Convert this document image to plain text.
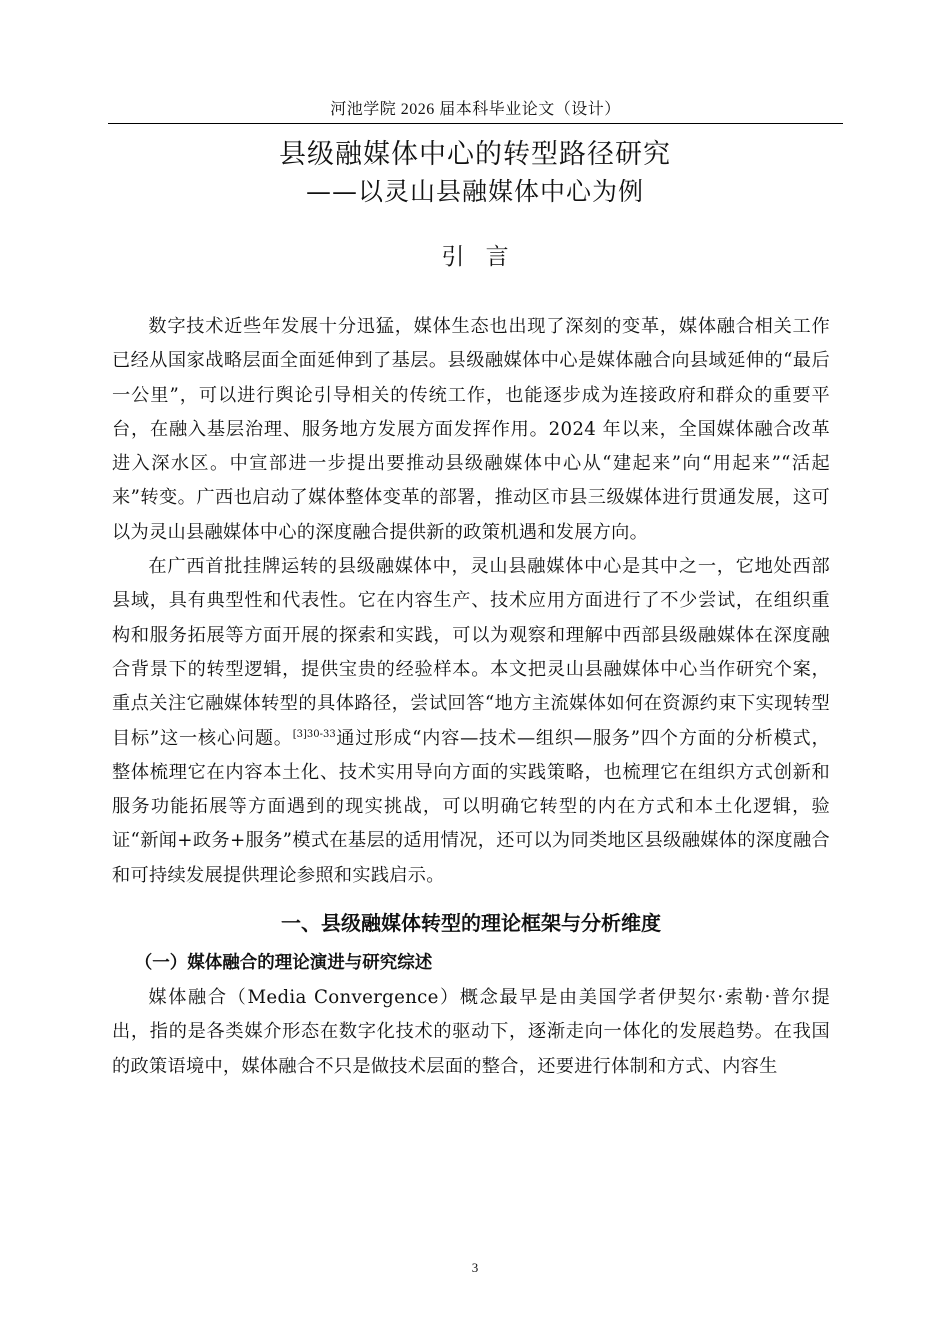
河池学院 2026 届本科毕业论文（设计）
县级融媒体中心的转型路径研究
——以灵山县融媒体中心为例
引 言

数字技术近些年发展十分迅猛，媒体生态也出现了深刻的变革，媒体融合相关工作已经从国家战略层面全面延伸到了基层。县级融媒体中心是媒体融合向县域延伸的“最后一公里”，可以进行舆论引导相关的传统工作，也能逐步成为连接政府和群众的重要平台，在融入基层治理、服务地方发展方面发挥作用。2024 年以来，全国媒体融合改革进入深水区。中宣部进一步提出要推动县级融媒体中心从“建起来”向“用起来”“活起来”转变。广西也启动了媒体整体变革的部署，推动区市县三级媒体进行贯通发展，这可以为灵山县融媒体中心的深度融合提供新的政策机遇和发展方向。

在广西首批挂牌运转的县级融媒体中，灵山县融媒体中心是其中之一，它地处西部县域，具有典型性和代表性。它在内容生产、技术应用方面进行了不少尝试，在组织重构和服务拓展等方面开展的探索和实践，可以为观察和理解中西部县级融媒体在深度融合背景下的转型逻辑，提供宝贵的经验样本。本文把灵山县融媒体中心当作研究个案，重点关注它融媒体转型的具体路径，尝试回答“地方主流媒体如何在资源约束下实现转型目标”这一核心问题。$^{[3]30-33}$通过形成“内容—技术—组织—服务”四个方面的分析模式，整体梳理它在内容本土化、技术实用导向方面的实践策略，也梳理它在组织方式创新和服务功能拓展等方面遇到的现实挑战，可以明确它转型的内在方式和本土化逻辑，验证“新闻+政务+服务”模式在基层的适用情况，还可以为同类地区县级融媒体的深度融合和可持续发展提供理论参照和实践启示。

一、县级融媒体转型的理论框架与分析维度
（一）媒体融合的理论演进与研究综述

媒体融合（Media Convergence）概念最早是由美国学者伊契尔·索勒·普尔提出，指的是各类媒介形态在数字化技术的驱动下，逐渐走向一体化的发展趋势。在我国的政策语境中，媒体融合不只是做技术层面的整合，还要进行体制和方式、内容生

3
